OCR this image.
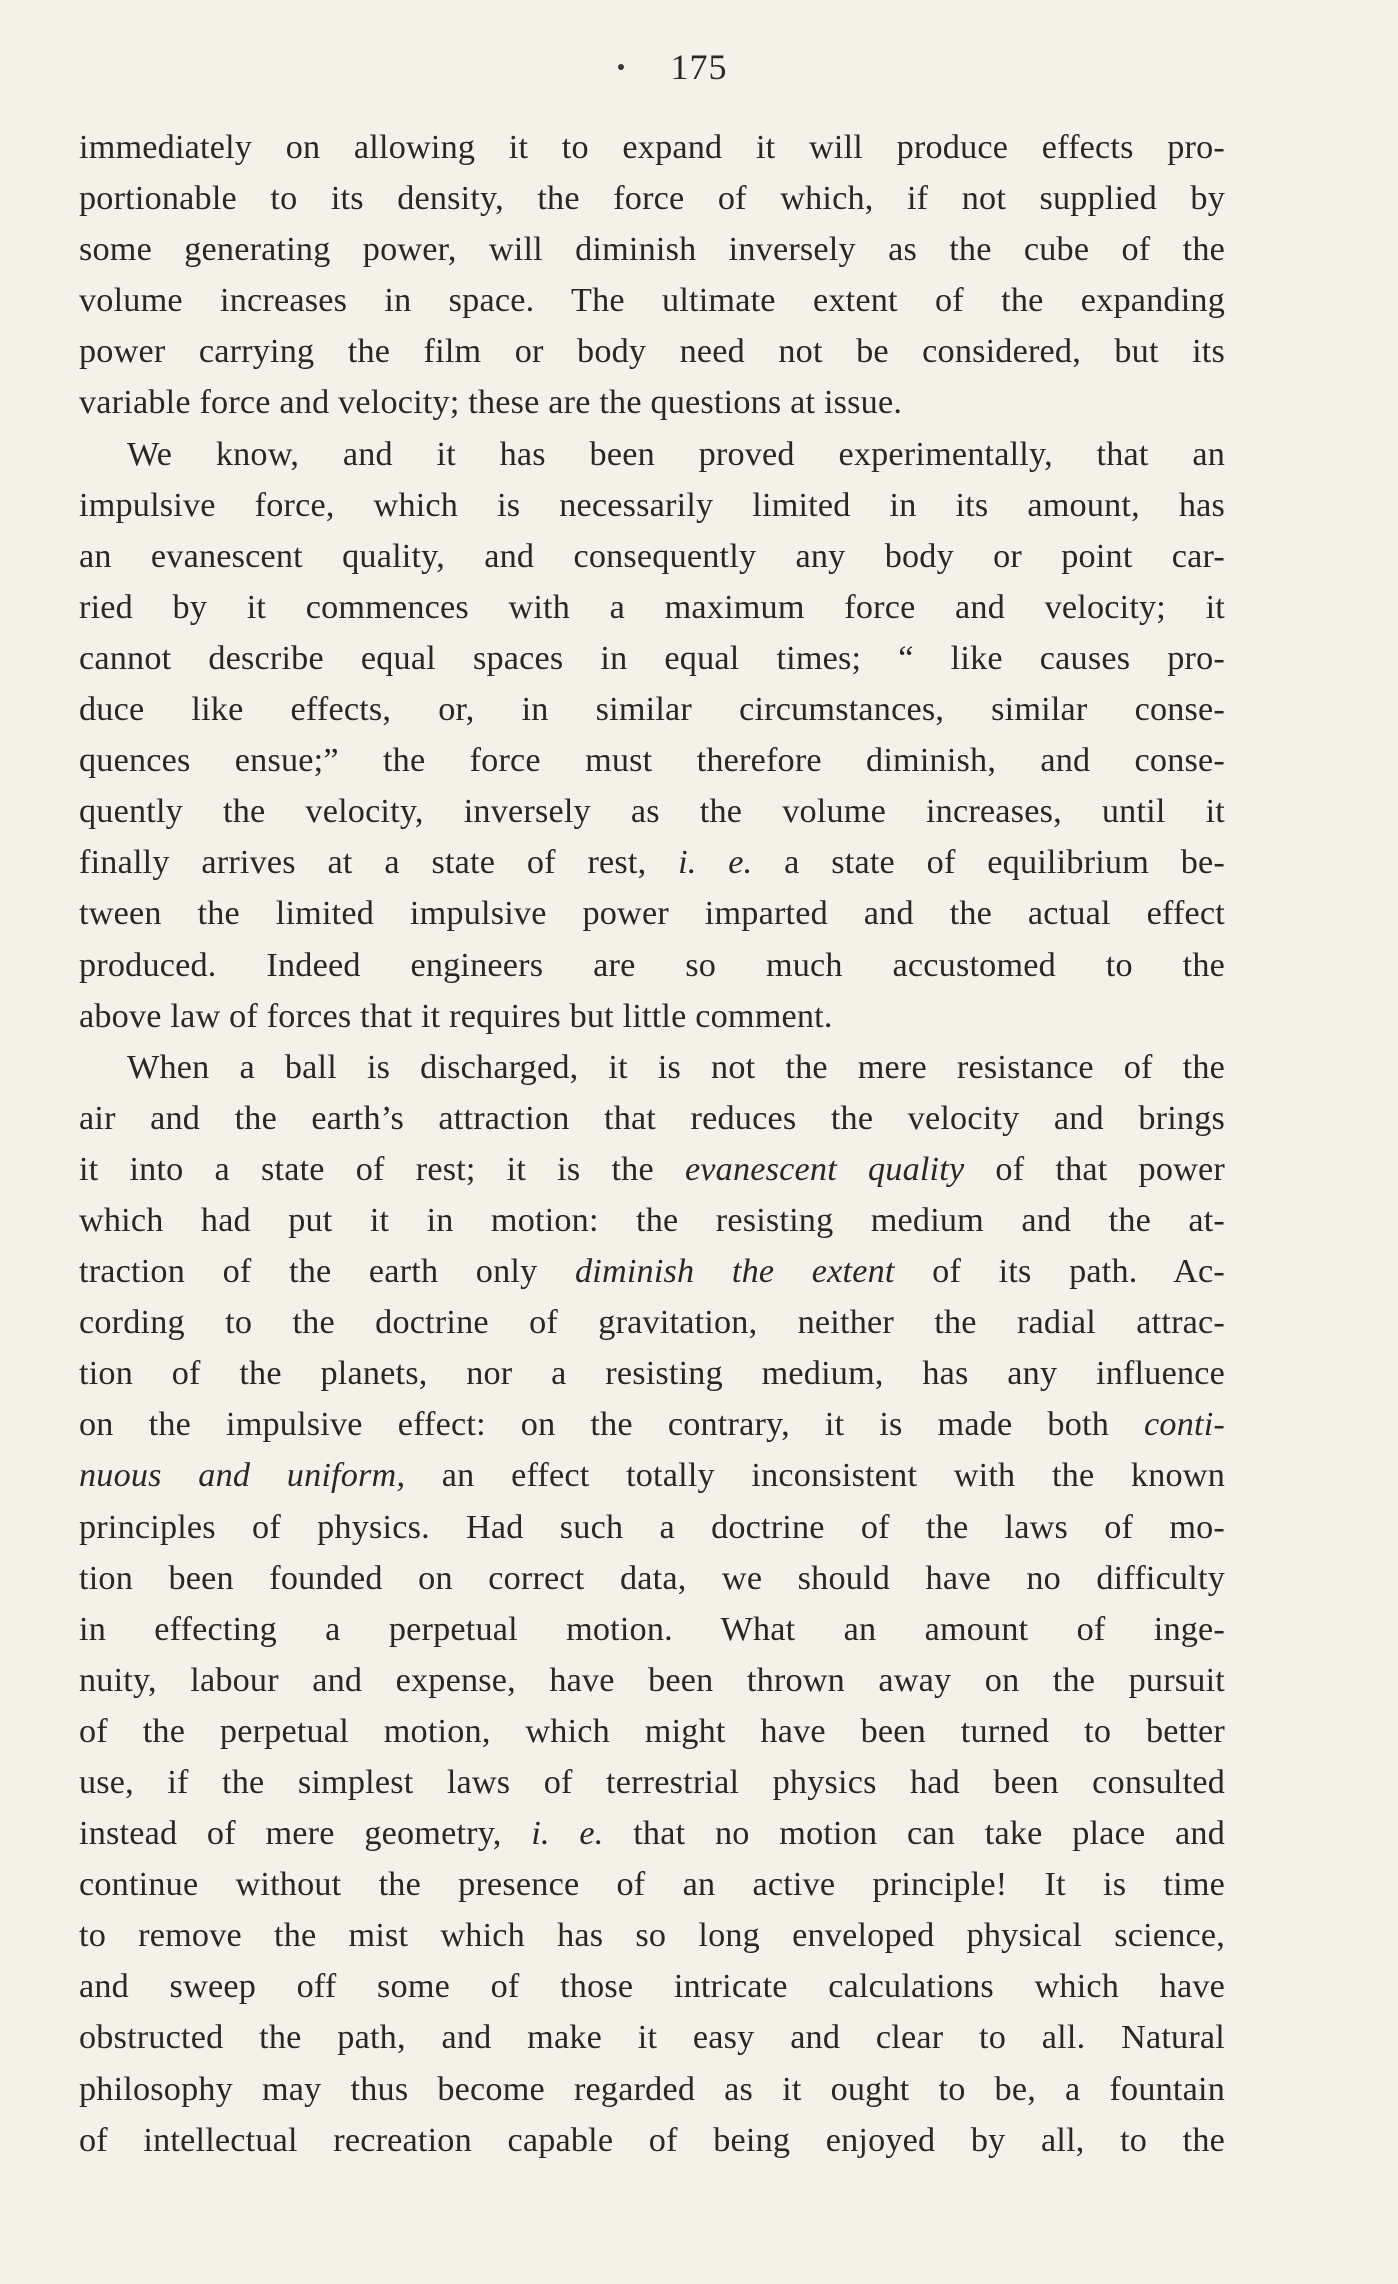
175
immediately on allowing it to expand it will produce effects pro-
portionable to its density, the force of which, if not supplied by
some generating power, will diminish inversely as the cube of the
volume increases in space. The ultimate extent of the expanding
power carrying the film or body need not be considered, but its
variable force and velocity; these are the questions at issue.
We know, and it has been proved experimentally, that an
impulsive force, which is necessarily limited in its amount, has
an evanescent quality, and consequently any body or point car-
ried by it commences with a maximum force and velocity; it
cannot describe equal spaces in equal times; “ like causes pro-
duce like effects, or, in similar circumstances, similar conse-
quences ensue;” the force must therefore diminish, and conse-
quently the velocity, inversely as the volume increases, until it
finally arrives at a state of rest, i. e. a state of equilibrium be-
tween the limited impulsive power imparted and the actual effect
produced. Indeed engineers are so much accustomed to the
above law of forces that it requires but little comment.
When a ball is discharged, it is not the mere resistance of the
air and the earth’s attraction that reduces the velocity and brings
it into a state of rest; it is the evanescent quality of that power
which had put it in motion: the resisting medium and the at-
traction of the earth only diminish the extent of its path. Ac-
cording to the doctrine of gravitation, neither the radial attrac-
tion of the planets, nor a resisting medium, has any influence
on the impulsive effect: on the contrary, it is made both conti-
nuous and uniform, an effect totally inconsistent with the known
principles of physics. Had such a doctrine of the laws of mo-
tion been founded on correct data, we should have no difficulty
in effecting a perpetual motion. What an amount of inge-
nuity, labour and expense, have been thrown away on the pursuit
of the perpetual motion, which might have been turned to better
use, if the simplest laws of terrestrial physics had been consulted
instead of mere geometry, i. e. that no motion can take place and
continue without the presence of an active principle! It is time
to remove the mist which has so long enveloped physical science,
and sweep off some of those intricate calculations which have
obstructed the path, and make it easy and clear to all. Natural
philosophy may thus become regarded as it ought to be, a fountain
of intellectual recreation capable of being enjoyed by all, to the
